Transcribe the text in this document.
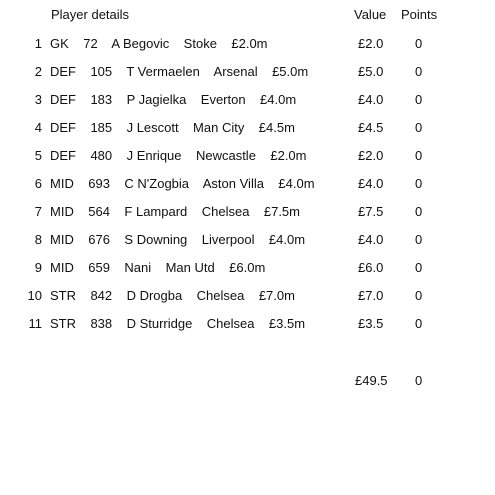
Player details	Value Points
1 GK    72    A Begovic    Stoke    £2.0m	£2.0 0
2 DEF    105    T Vermaelen    Arsenal    £5.0m	£5.0 0
3 DEF    183    P Jagielka    Everton    £4.0m	£4.0 0
4 DEF    185    J Lescott    Man City    £4.5m	£4.5 0
5 DEF    480    J Enrique    Newcastle    £2.0m	£2.0 0
6 MID    693    C N'Zogbia    Aston Villa    £4.0m	£4.0 0
7 MID    564    F Lampard    Chelsea    £7.5m	£7.5 0
8 MID    676    S Downing    Liverpool    £4.0m	£4.0 0
9 MID    659    Nani    Man Utd    £6.0m	£6.0 0
10 STR    842    D Drogba    Chelsea    £7.0m	£7.0 0
11 STR    838    D Sturridge    Chelsea    £3.5m	£3.5 0
£49.5 0
